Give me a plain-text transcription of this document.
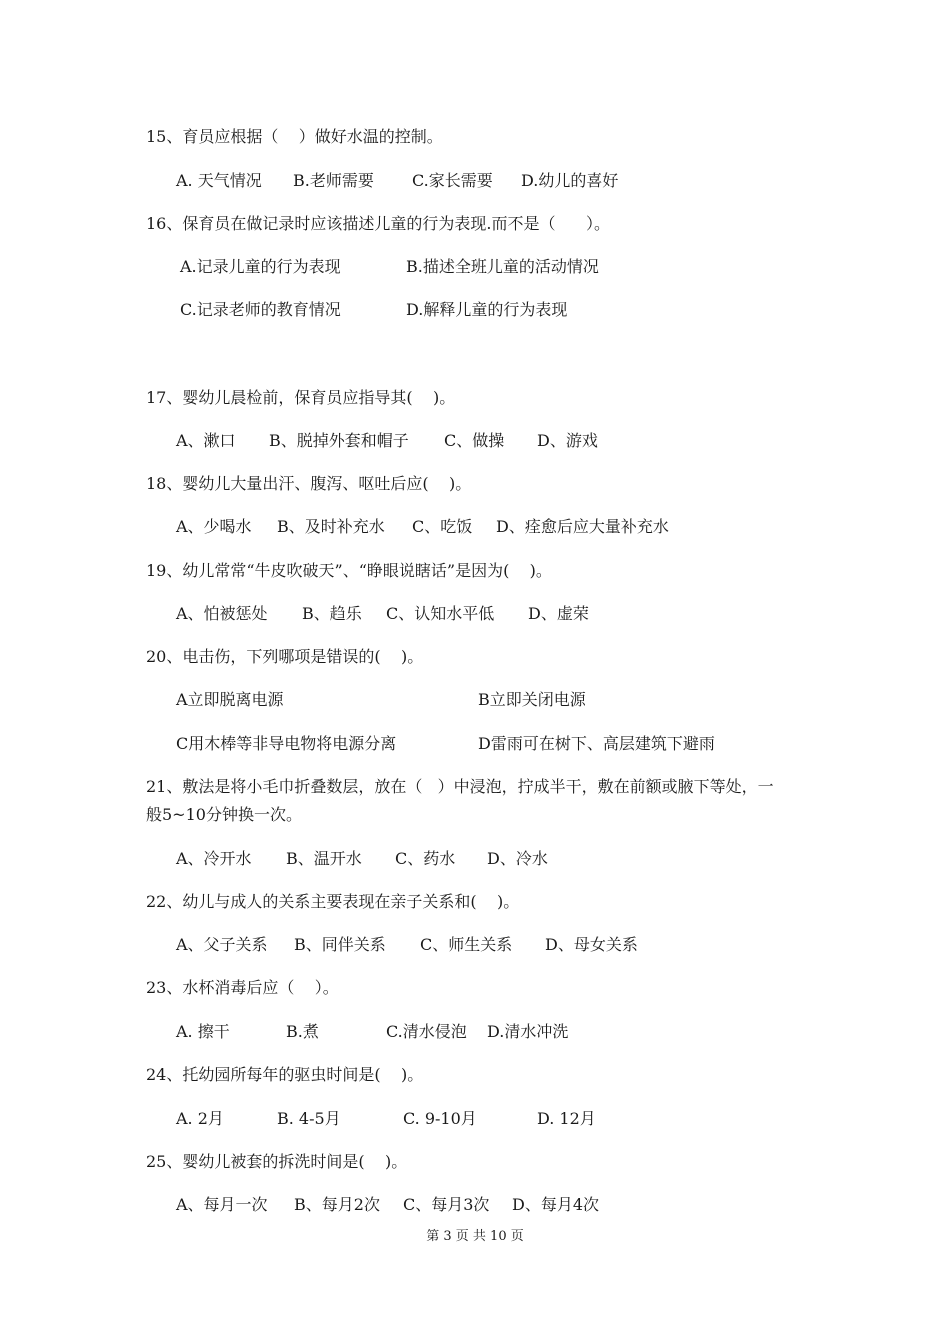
15、育员应根据（    ）做好水温的控制。
A. 天气情况 B.老师需要 C.家长需要 D.幼儿的喜好
16、保育员在做记录时应该描述儿童的行为表现.而不是（      ）。
A.记录儿童的行为表现	B.描述全班儿童的活动情况
C.记录老师的教育情况	D.解释儿童的行为表现
17、婴幼儿晨检前，保育员应指导其(    )。
A、漱口 B、脱掉外套和帽子 C、做操 D、游戏
18、婴幼儿大量出汗、腹泻、呕吐后应(    )。
A、少喝水 B、及时补充水 C、吃饭 D、痊愈后应大量补充水
19、幼儿常常“牛皮吹破天”、“睁眼说瞎话”是因为(    )。
A、怕被惩处 B、趋乐 C、认知水平低 D、虚荣
20、电击伤，下列哪项是错误的(    )。
A立即脱离电源	B立即关闭电源
C用木棒等非导电物将电源分离	D雷雨可在树下、高层建筑下避雨
21、敷法是将小毛巾折叠数层，放在（   ）中浸泡，拧成半干，敷在前额或腋下等处，一
般5~10分钟换一次。
A、冷开水 B、温开水 C、药水 D、冷水
22、幼儿与成人的关系主要表现在亲子关系和(    )。
A、父子关系 B、同伴关系 C、师生关系 D、母女关系
23、水杯消毒后应（    ）。
A. 擦干	B.煮	C.清水侵泡 D.清水冲洗
24、托幼园所每年的驱虫时间是(    )。
A. 2月	B. 4-5月	C. 9-10月	D. 12月
25、婴幼儿被套的拆洗时间是(    )。
A、每月一次 B、每月2次 C、每月3次 D、每月4次
第 3 页 共 10 页
